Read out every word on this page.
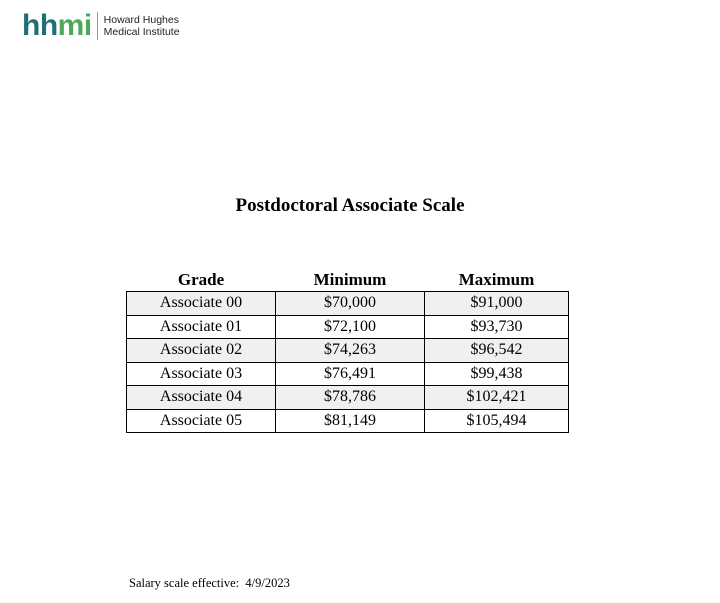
hhmi Howard Hughes
Medical Institute
Postdoctoral Associate Scale
Grade	Minimum	Maximum
Associate 00	$70,000	$91,000
Associate 01	$72,100	$93,730
Associate 02	$74,263	$96,542
Associate 03	$76,491	$99,438
Associate 04	$78,786	$102,421
Associate 05	$81,149	$105,494
Salary scale effective: 4/9/2023
